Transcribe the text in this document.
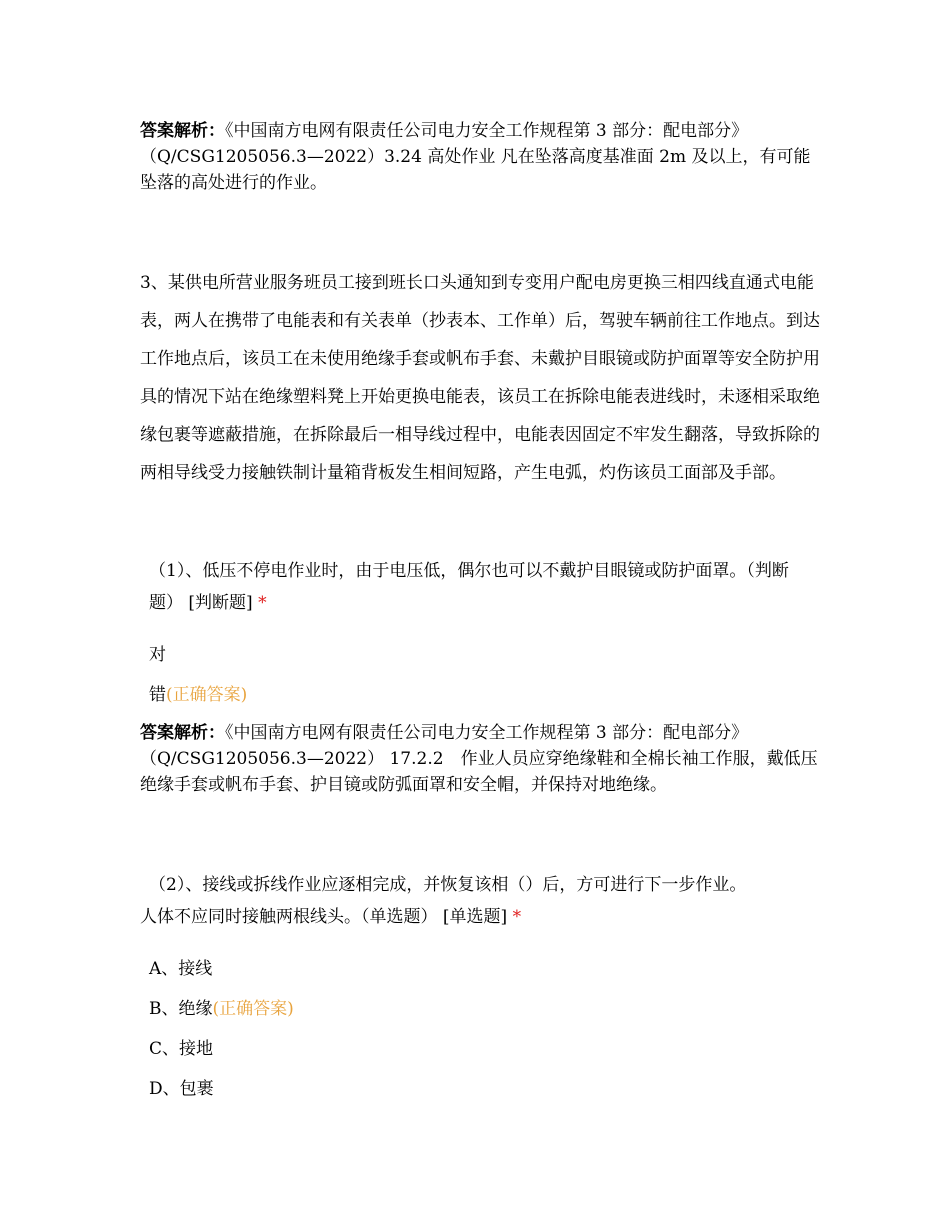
答案解析：《中国南方电网有限责任公司电力安全工作规程第 3 部分：配电部分》（Q/CSG1205056.3—2022）3.24 高处作业 凡在坠落高度基准面 2m 及以上，有可能坠落的高处进行的作业。
3、某供电所营业服务班员工接到班长口头通知到专变用户配电房更换三相四线直通式电能表，两人在携带了电能表和有关表单（抄表本、工作单）后，驾驶车辆前往工作地点。到达工作地点后，该员工在未使用绝缘手套或帆布手套、未戴护目眼镜或防护面罩等安全防护用具的情况下站在绝缘塑料凳上开始更换电能表，该员工在拆除电能表进线时，未逐相采取绝缘包裹等遮蔽措施，在拆除最后一相导线过程中，电能表因固定不牢发生翻落，导致拆除的两相导线受力接触铁制计量箱背板发生相间短路，产生电弧，灼伤该员工面部及手部。
（1）、低压不停电作业时，由于电压低，偶尔也可以不戴护目眼镜或防护面罩。（判断题） [判断题] *
对
错(正确答案)
答案解析：《中国南方电网有限责任公司电力安全工作规程第 3 部分：配电部分》（Q/CSG1205056.3—2022） 17.2.2　作业人员应穿绝缘鞋和全棉长袖工作服，戴低压绝缘手套或帆布手套、护目镜或防弧面罩和安全帽，并保持对地绝缘。
（2）、接线或拆线作业应逐相完成，并恢复该相（）后，方可进行下一步作业。
人体不应同时接触两根线头。（单选题） [单选题] *
A、接线
B、绝缘(正确答案)
C、接地
D、包裹
